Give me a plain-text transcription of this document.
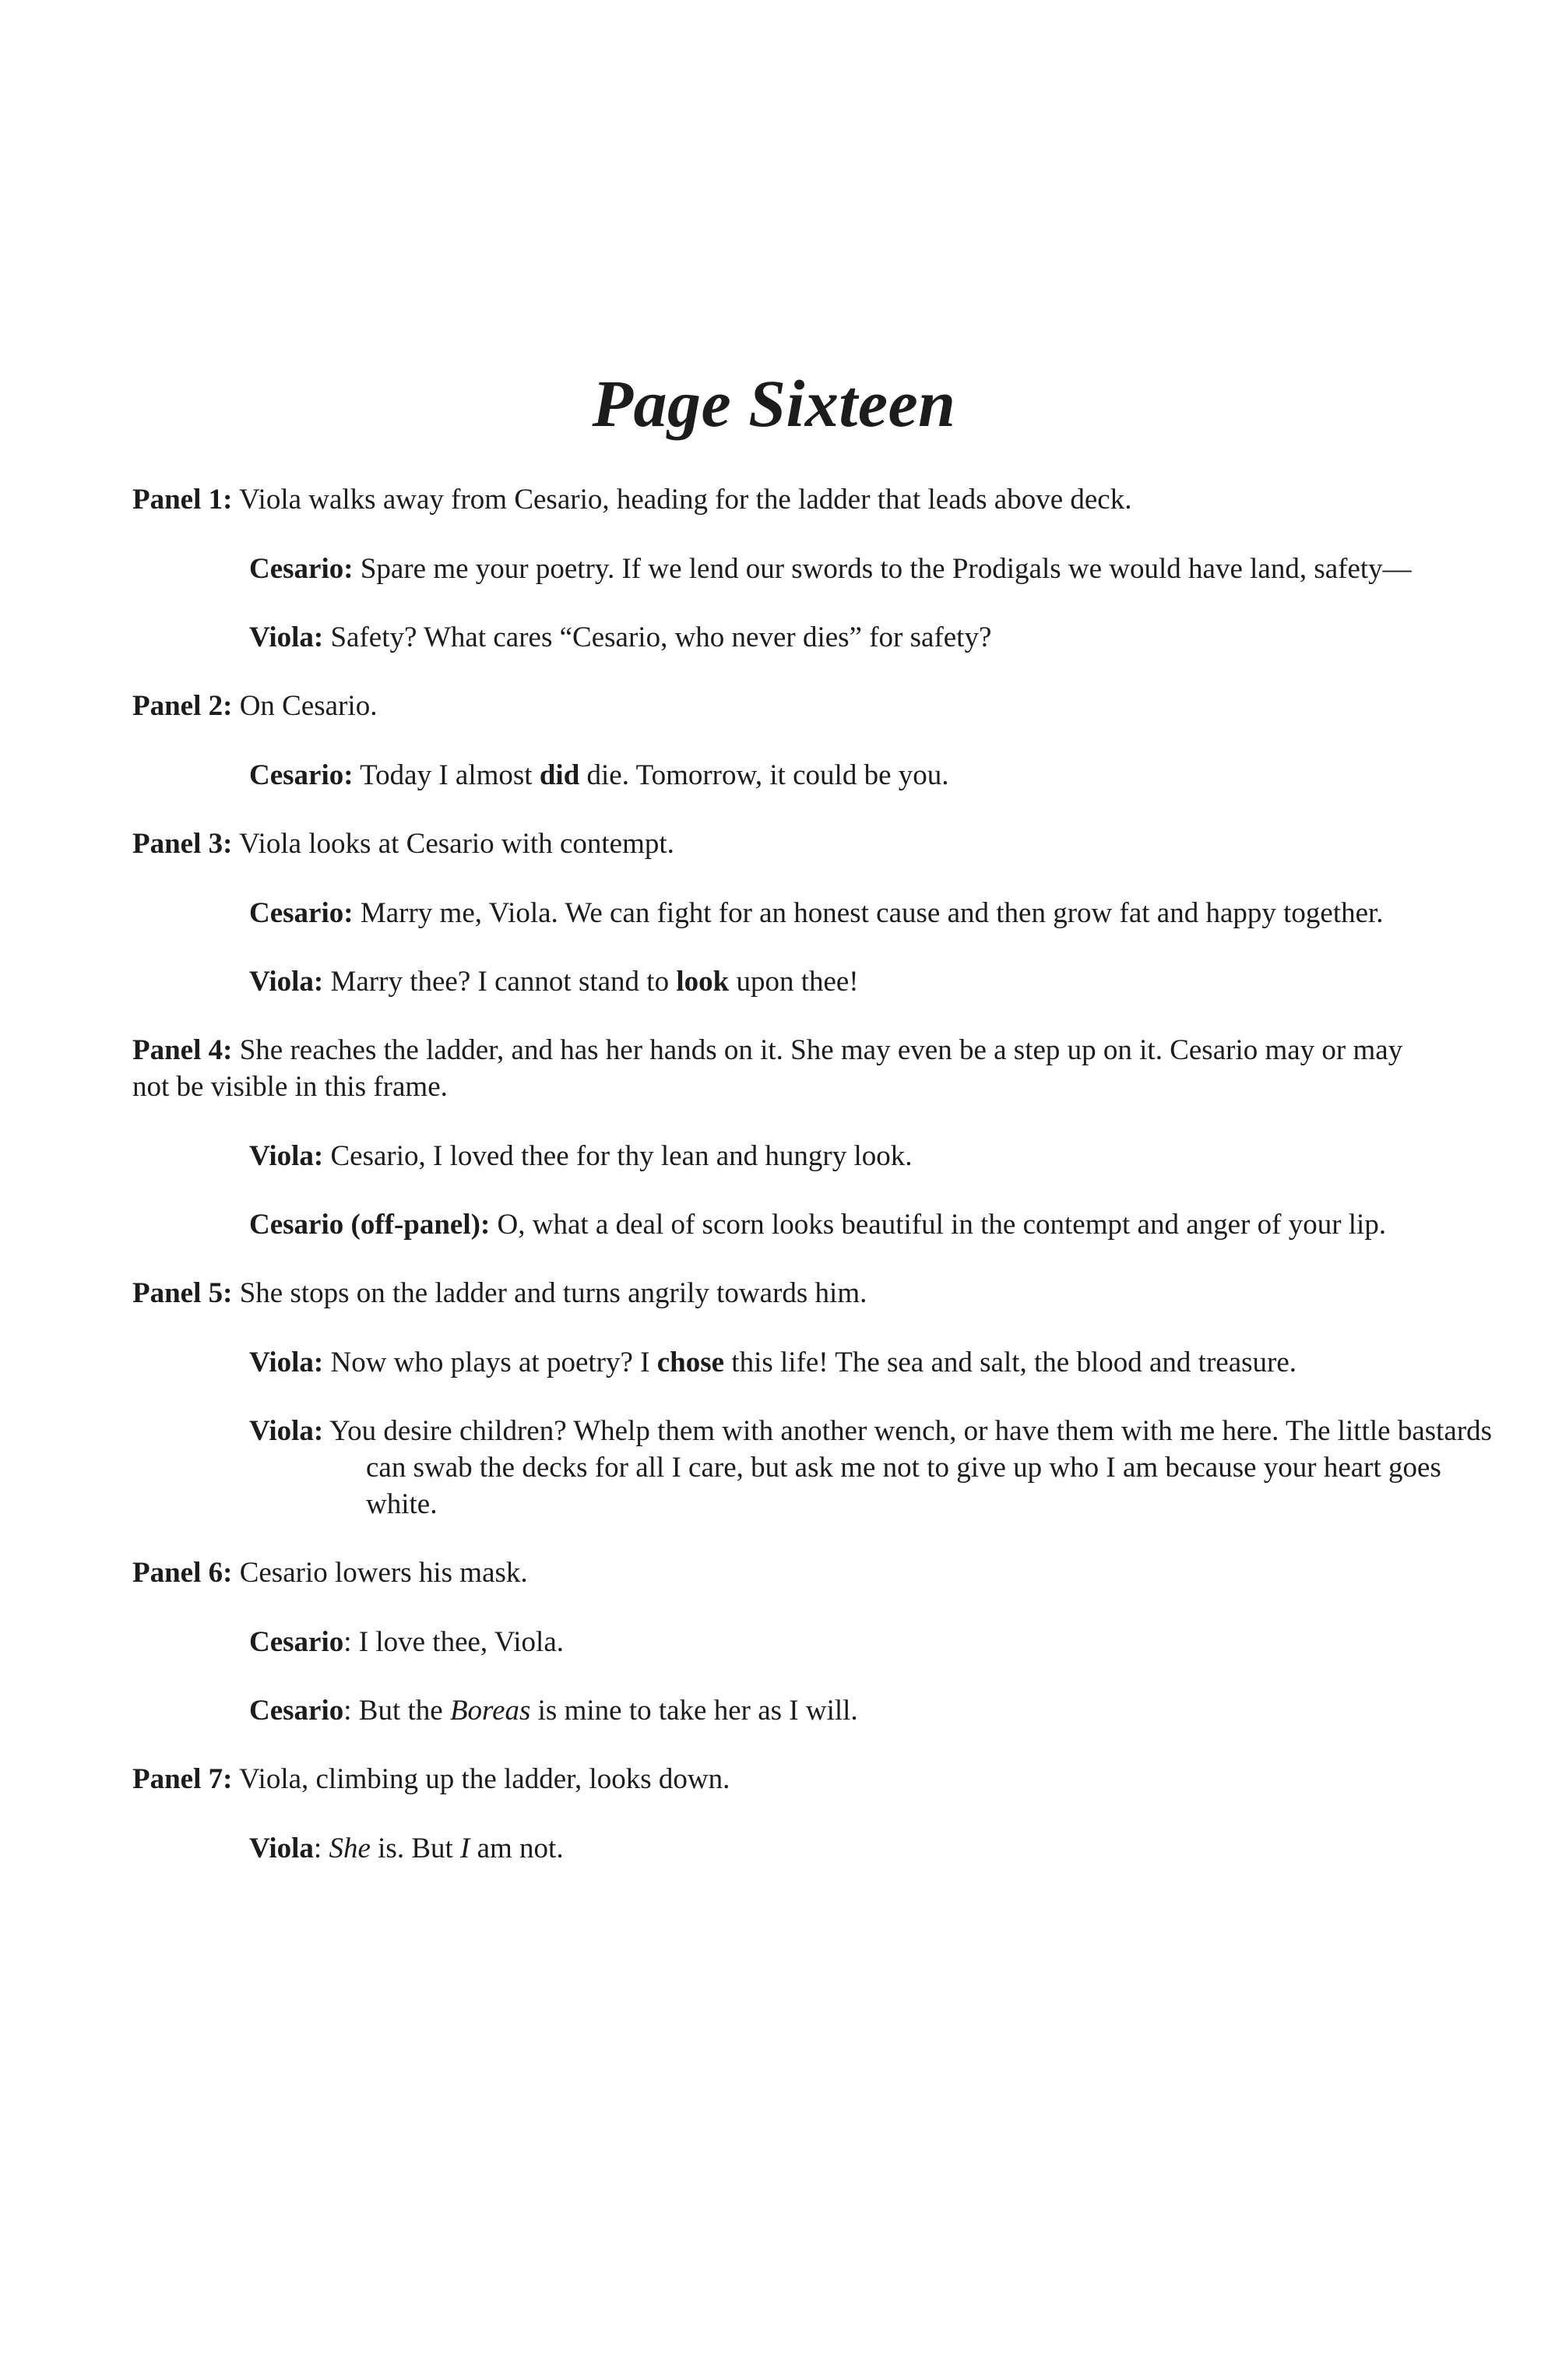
Page Sixteen

Panel 1: Viola walks away from Cesario, heading for the ladder that leads above deck.

Cesario: Spare me your poetry. If we lend our swords to the Prodigals we would have land, safety—

Viola: Safety? What cares “Cesario, who never dies” for safety?

Panel 2: On Cesario.

Cesario: Today I almost did die. Tomorrow, it could be you.

Panel 3: Viola looks at Cesario with contempt.

Cesario: Marry me, Viola. We can fight for an honest cause and then grow fat and happy together.

Viola: Marry thee? I cannot stand to look upon thee!

Panel 4: She reaches the ladder, and has her hands on it. She may even be a step up on it. Cesario may or may not be visible in this frame.

Viola: Cesario, I loved thee for thy lean and hungry look.

Cesario (off-panel): O, what a deal of scorn looks beautiful in the contempt and anger of your lip.

Panel 5: She stops on the ladder and turns angrily towards him.

Viola: Now who plays at poetry? I chose this life! The sea and salt, the blood and treasure.

Viola: You desire children? Whelp them with another wench, or have them with me here. The little bastards can swab the decks for all I care, but ask me not to give up who I am because your heart goes white.

Panel 6: Cesario lowers his mask.

Cesario: I love thee, Viola.

Cesario: But the Boreas is mine to take her as I will.

Panel 7: Viola, climbing up the ladder, looks down.

Viola: She is. But I am not.
